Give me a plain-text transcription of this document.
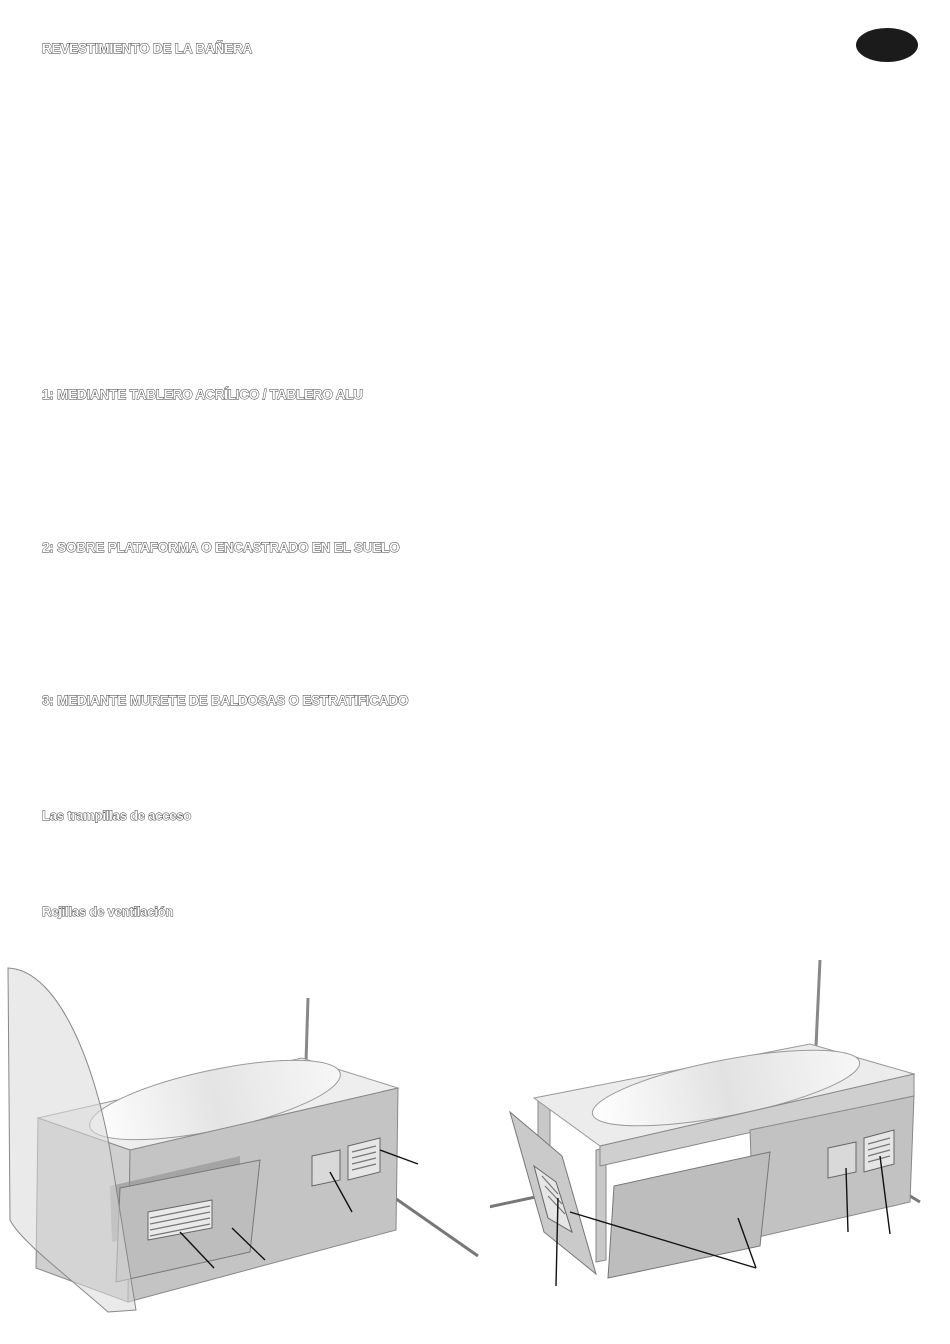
REVESTIMIENTO DE LA BAÑERA
1: MEDIANTE TABLERO ACRÍLICO / TABLERO ALU
2: SOBRE PLATAFORMA O ENCASTRADO EN EL SUELO
3: MEDIANTE MURETE DE BALDOSAS O ESTRATIFICADO
Las trampillas de acceso
Rejillas de ventilación
